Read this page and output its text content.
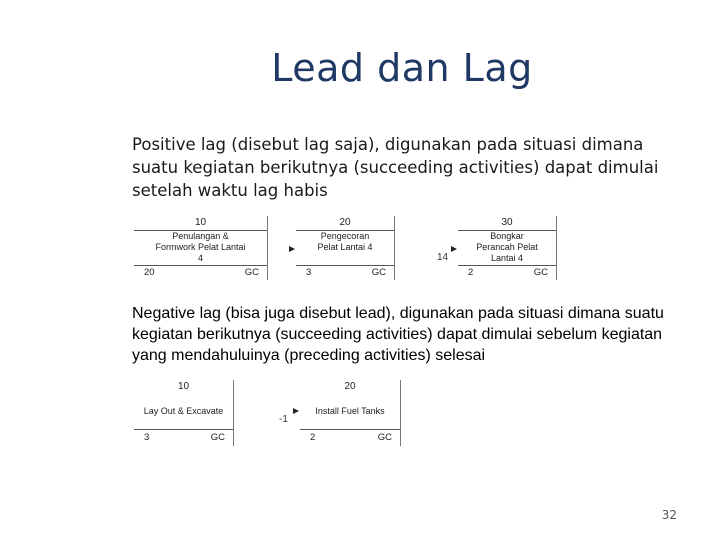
Lead dan Lag
Positive lag (disebut lag saja), digunakan pada situasi dimana suatu kegiatan berikutnya (succeeding activities) dapat dimulai setelah waktu lag habis
10
Penulangan & Formwork Pelat Lantai 4
20	GC
20
Pengecoran Pelat Lantai 4
3	GC
14
30
Bongkar Perancah Pelat Lantai 4
2	GC
Negative lag (bisa juga disebut lead), digunakan pada situasi dimana suatu kegiatan berikutnya (succeeding activities) dapat dimulai sebelum kegiatan yang mendahuluinya (preceding activities) selesai
10
Lay Out & Excavate
3	GC
-1
20
Install Fuel Tanks
2	GC
32
